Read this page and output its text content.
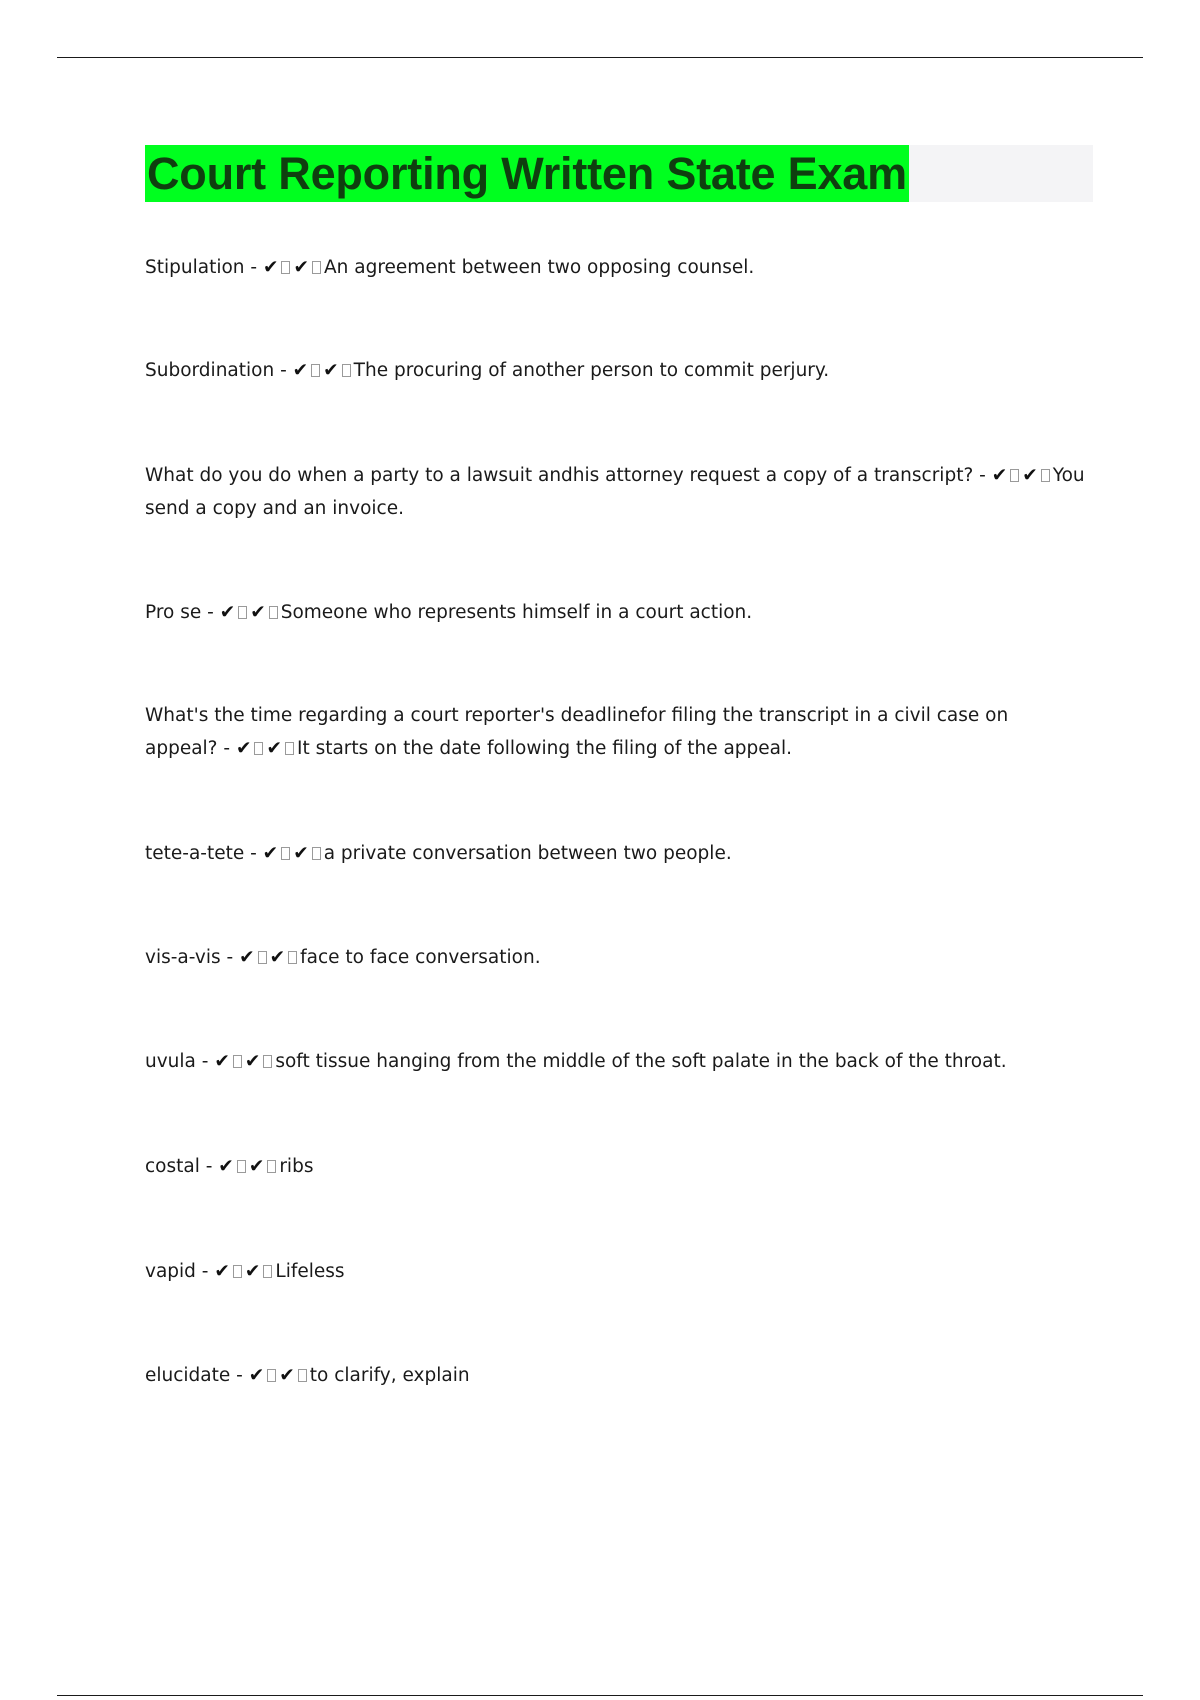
Court Reporting Written State Exam
Stipulation - ✔ ✔ An agreement between two opposing counsel.
Subordination - ✔ ✔ The procuring of another person to commit perjury.
What do you do when a party to a lawsuit andhis attorney request a copy of a transcript? - ✔ ✔ You send a copy and an invoice.
Pro se - ✔ ✔ Someone who represents himself in a court action.
What's the time regarding a court reporter's deadlinefor filing the transcript in a civil case on appeal? - ✔ ✔ It starts on the date following the filing of the appeal.
tete-a-tete - ✔ ✔ a private conversation between two people.
vis-a-vis - ✔ ✔ face to face conversation.
uvula - ✔ ✔ soft tissue hanging from the middle of the soft palate in the back of the throat.
costal - ✔ ✔ ribs
vapid - ✔ ✔ Lifeless
elucidate - ✔ ✔ to clarify, explain
